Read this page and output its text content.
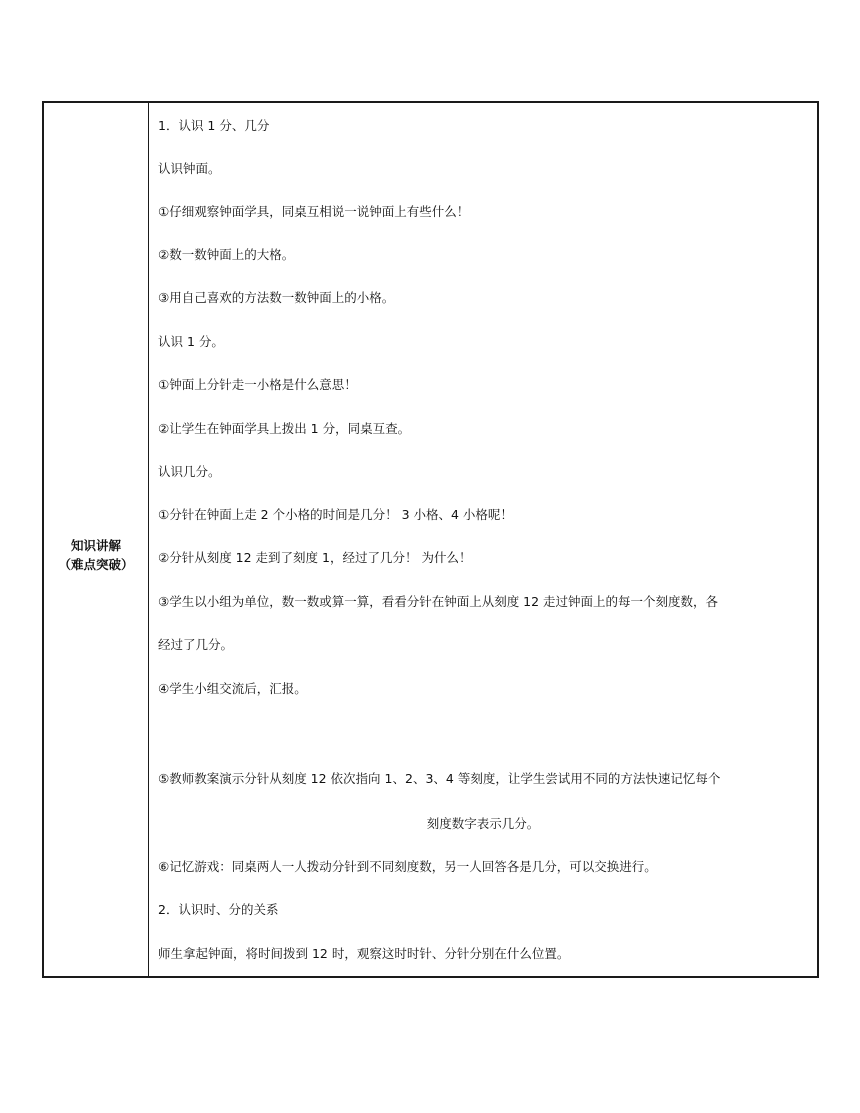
知识讲解
（难点突破）
1．认识 1 分、几分
认识钟面。
①仔细观察钟面学具，同桌互相说一说钟面上有些什么！
②数一数钟面上的大格。
③用自己喜欢的方法数一数钟面上的小格。
认识 1 分。
①钟面上分针走一小格是什么意思！
②让学生在钟面学具上拨出 1 分，同桌互查。
认识几分。
①分针在钟面上走 2 个小格的时间是几分！ 3 小格、4 小格呢！
②分针从刻度 12 走到了刻度 1，经过了几分！ 为什么！
③学生以小组为单位，数一数或算一算，看看分针在钟面上从刻度 12 走过钟面上的每一个刻度数，各
经过了几分。
④学生小组交流后，汇报。
⑤教师教案演示分针从刻度 12 依次指向 1、2、3、4 等刻度，让学生尝试用不同的方法快速记忆每个
刻度数字表示几分。
⑥记忆游戏：同桌两人一人拨动分针到不同刻度数，另一人回答各是几分，可以交换进行。
2．认识时、分的关系
师生拿起钟面，将时间拨到 12 时，观察这时时针、分针分别在什么位置。
